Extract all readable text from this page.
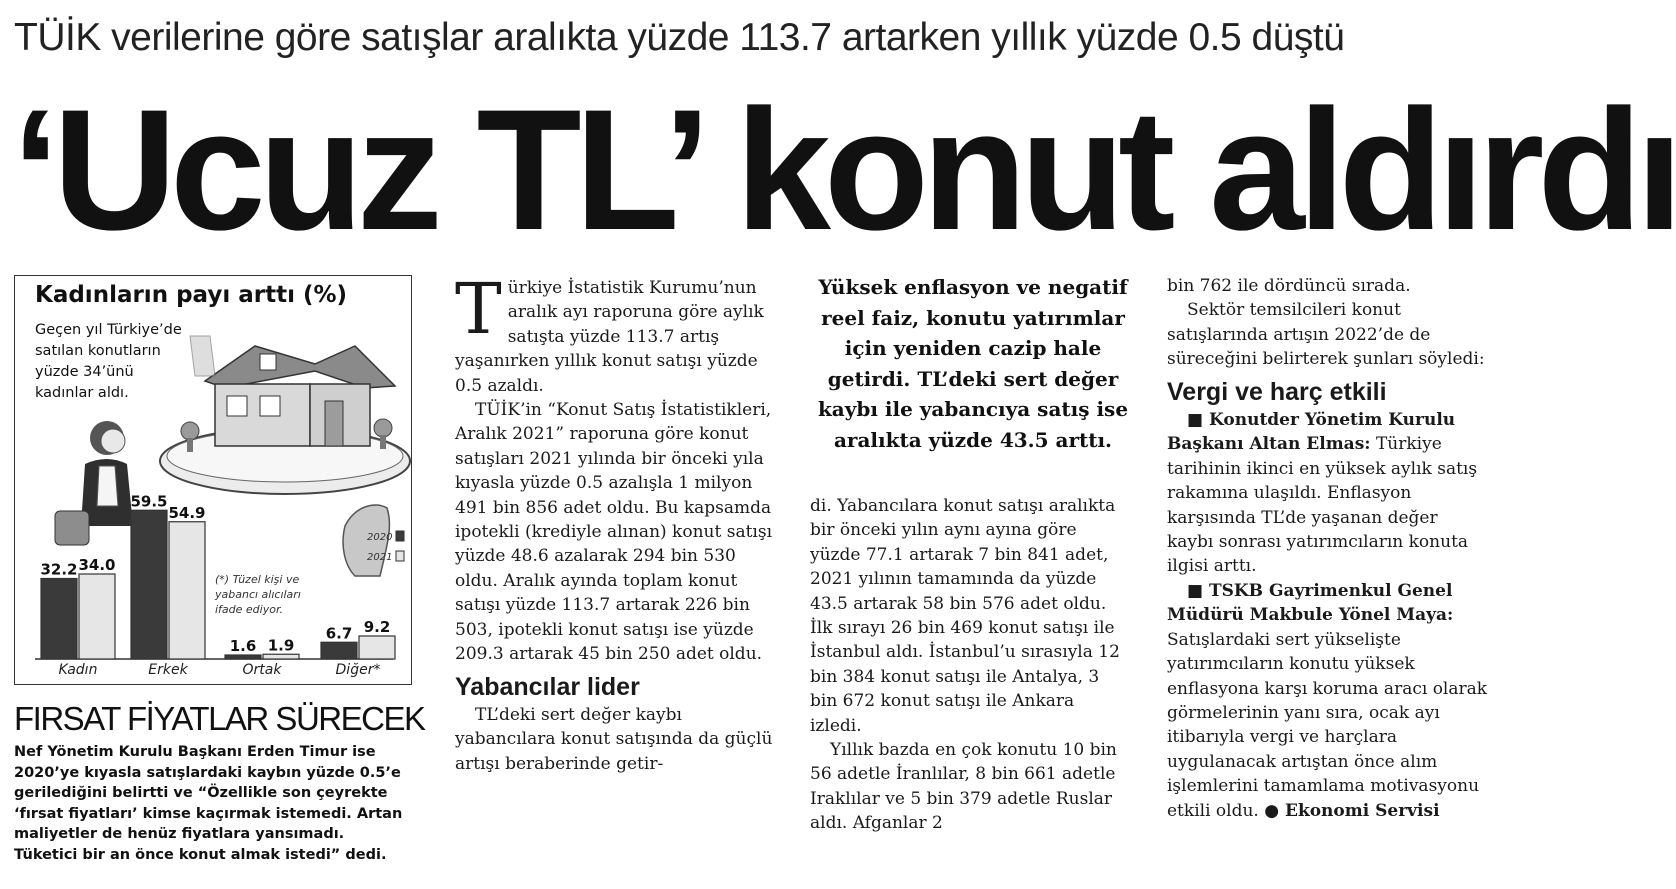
TÜİK verilerine göre satışlar aralıkta yüzde 113.7 artarken yıllık yüzde 0.5 düştü
‘Ucuz TL’ konut aldırdı
Kadınların payı arttı (%)
Geçen yıl Türkiye’de satılan konutların yüzde 34’ünü kadınlar aldı.
(*) Tüzel kişi ve yabancı alıcıları ifade ediyor.
32.2 34.0
Kadın
59.5
54.9
Erkek
1.6 1.9
Ortak
6.7 9.2
Diğer*
2020
2021
FIRSAT FİYATLAR SÜRECEK
Nef Yönetim Kurulu Başkanı Erden Timur ise 2020’ye kıyasla satışlardaki kaybın yüzde 0.5’e gerilediğini belirtti ve “Özellikle son çeyrekte ‘fırsat fiyatları’ kimse kaçırmak istemedi. Artan maliyetler de henüz fiyatlara yansımadı. Tüketici bir an önce konut almak istedi” dedi.

Türkiye İstatistik Kurumu’nun aralık ayı raporuna göre aylık satışta yüzde 113.7 artış yaşanırken yıllık konut satışı yüzde 0.5 azaldı.

TÜİK’in “Konut Satış İstatistikleri, Aralık 2021” raporuna göre konut satışları 2021 yılında bir önceki yıla kıyasla yüzde 0.5 azalışla 1 milyon 491 bin 856 adet oldu. Bu kapsamda ipotekli (krediyle alınan) konut satışı yüzde 48.6 azalarak 294 bin 530 oldu. Aralık ayında toplam konut satışı yüzde 113.7 artarak 226 bin 503, ipotekli konut satışı ise yüzde 209.3 artarak 45 bin 250 adet oldu.

Yabancılar lider

TL’deki sert değer kaybı yabancılara konut satışında da güçlü artışı beraberinde getir-

Yüksek enflasyon ve negatif reel faiz, konutu yatırımlar için yeniden cazip hale getirdi. TL’deki sert değer kaybı ile yabancıya satış ise aralıkta yüzde 43.5 arttı.

di. Yabancılara konut satışı aralıkta bir önceki yılın aynı ayına göre yüzde 77.1 artarak 7 bin 841 adet, 2021 yılının tamamında da yüzde 43.5 artarak 58 bin 576 adet oldu. İlk sırayı 26 bin 469 konut satışı ile İstanbul aldı. İstanbul’u sırasıyla 12 bin 384 konut satışı ile Antalya, 3 bin 672 konut satışı ile Ankara izledi.

Yıllık bazda en çok konutu 10 bin 56 adetle İranlılar, 8 bin 661 adetle Iraklılar ve 5 bin 379 adetle Ruslar aldı. Afganlar 2

bin 762 ile dördüncü sırada.

Sektör temsilcileri konut satışlarında artışın 2022’de de süreceğini belirterek şunları söyledi:

Vergi ve harç etkili

■ Konutder Yönetim Kurulu Başkanı Altan Elmas: Türkiye tarihinin ikinci en yüksek aylık satış rakamına ulaşıldı. Enflasyon karşısında TL’de yaşanan değer kaybı sonrası yatırımcıların konuta ilgisi arttı.

■ TSKB Gayrimenkul Genel Müdürü Makbule Yönel Maya: Satışlardaki sert yükselişte yatırımcıların konutu yüksek enflasyona karşı koruma aracı olarak görmelerinin yanı sıra, ocak ayı itibarıyla vergi ve harçlara uygulanacak artıştan önce alım işlemlerini tamamlama motivasyonu etkili oldu. ● Ekonomi Servisi
